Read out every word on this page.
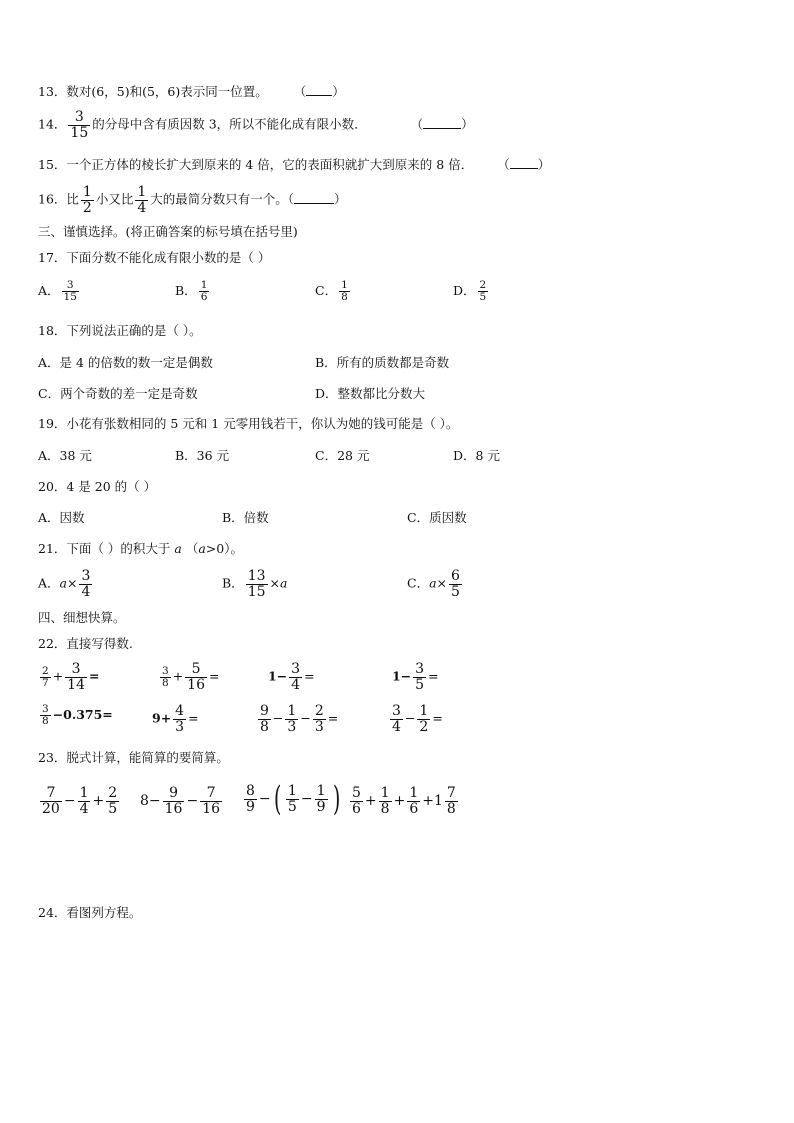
13．数对(6，5)和(5，6)表示同一位置。 （ ）
14． $\frac{3}{15}$ 的分母中含有质因数 3，所以不能化成有限小数．	（	）
15．一个正方体的棱长扩大到原来的 4 倍，它的表面积就扩大到原来的 8 倍． （ ）
16．比 $\frac{1}{2}$ 小又比 $\frac{1}{4}$ 大的最简分数只有一个。（	）
三、谨慎选择。(将正确答案的标号填在括号里)
17．下面分数不能化成有限小数的是（ ）
A． $\frac{3}{15}$	B． $\frac{1}{6}$	C． $\frac{1}{8}$	D． $\frac{2}{5}$
18．下列说法正确的是（ ）。
A．是 4 的倍数的数一定是偶数	B．所有的质数都是奇数
C．两个奇数的差一定是奇数	D．整数都比分数大
19．小花有张数相同的 5 元和 1 元零用钱若干，你认为她的钱可能是（ ）。
A．38 元	B．36 元	C．28 元	D．8 元
20．4 是 20 的（ ）
A．因数	B．倍数	C．质因数
21．下面（ ）的积大于 a （a>0）。
A．$a\times \frac{3}{4}$	B． $\frac{13}{15} \times a$	C．$a\times \frac{6}{5}$
四、细想快算。
22．直接写得数.
$\frac{2}{7} + \frac{3}{14}$ =	$\frac{3}{8} + \frac{5}{16}$ =	$1- \frac{3}{4}$ =	$1- \frac{3}{5}$ =
$\frac{3}{8} -0.375=$	$9+ \frac{4}{3}$ =	$\frac{9}{8} - \frac{1}{3} - \frac{2}{3}$ =	$\frac{3}{4} - \frac{1}{2}$ =
23．脱式计算，能简算的要简算。
$\frac{7}{20} - \frac{1}{4} + \frac{2}{5} 8- \frac{9}{16} - \frac{7}{16} \frac{8}{9}$ −( $\frac{1}{5} - \frac{1}{9}$ ) $\frac{5}{6} + \frac{1}{8} + \frac{1}{6} +1 \frac{7}{8}$
24．看图列方程。
